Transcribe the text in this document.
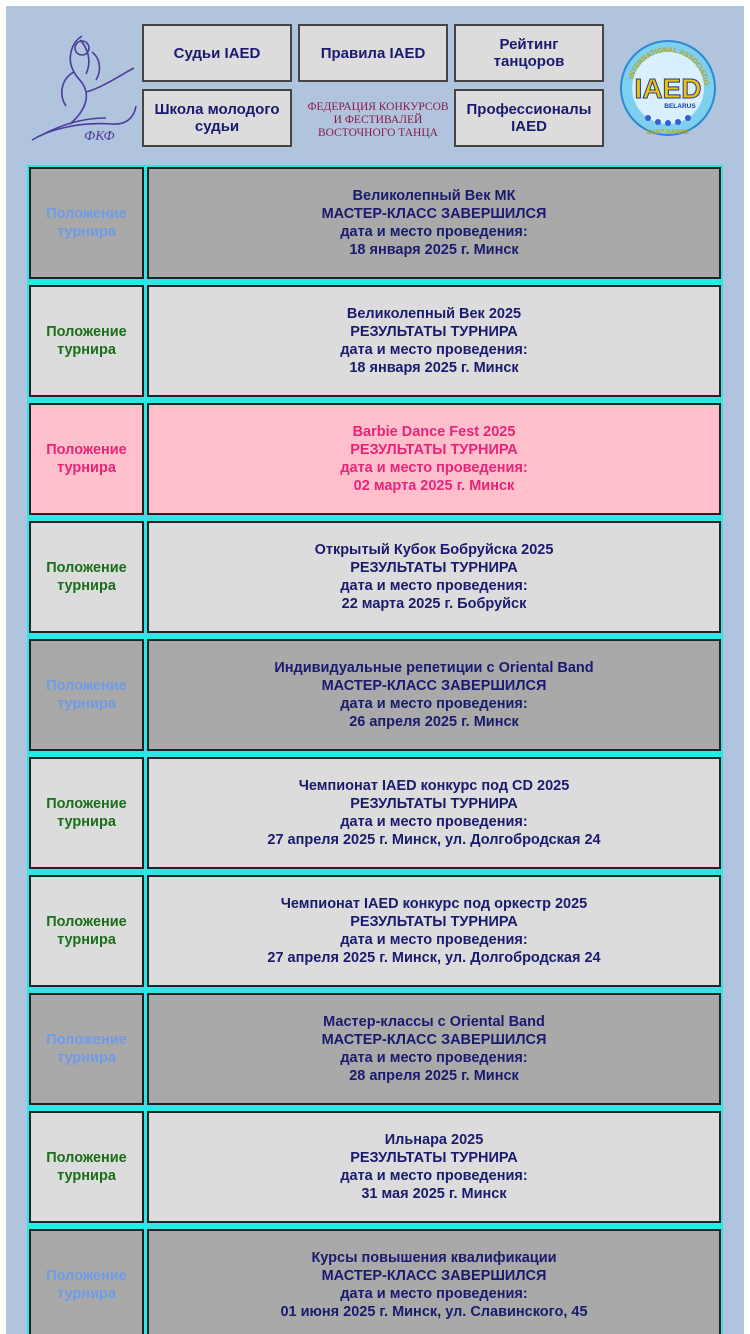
ФКФ
Судьи IAED	Правила IAED	Рейтинг танцоров
Школа молодого судьи
ФЕДЕРАЦИЯ КОНКУРСОВ И ФЕСТИВАЛЕЙ ВОСТОЧНОГО ТАНЦА
Профессионалы IAED
INTERNATIONAL ASSOCIATIO
IAED
BELARUS
EAST DANCE
Положение турнира
Великолепный Век МК
МАСТЕР-КЛАСС ЗАВЕРШИЛСЯ
дата и место проведения:
18 января 2025 г. Минск
Положение турнира
Великолепный Век 2025
РЕЗУЛЬТАТЫ ТУРНИРА
дата и место проведения:
18 января 2025 г. Минск
Положение турнира
Barbie Dance Fest 2025
РЕЗУЛЬТАТЫ ТУРНИРА
дата и место проведения:
02 марта 2025 г. Минск
Положение турнира
Открытый Кубок Бобруйска 2025
РЕЗУЛЬТАТЫ ТУРНИРА
дата и место проведения:
22 марта 2025 г. Бобруйск
Положение турнира
Индивидуальные репетиции с Oriental Band
МАСТЕР-КЛАСС ЗАВЕРШИЛСЯ
дата и место проведения:
26 апреля 2025 г. Минск
Положение турнира
Чемпионат IAED конкурс под CD 2025
РЕЗУЛЬТАТЫ ТУРНИРА
дата и место проведения:
27 апреля 2025 г. Минск, ул. Долгобродская 24
Положение турнира
Чемпионат IAED конкурс под оркестр 2025
РЕЗУЛЬТАТЫ ТУРНИРА
дата и место проведения:
27 апреля 2025 г. Минск, ул. Долгобродская 24
Положение турнира
Мастер-классы с Oriental Band
МАСТЕР-КЛАСС ЗАВЕРШИЛСЯ
дата и место проведения:
28 апреля 2025 г. Минск
Положение турнира
Ильнара 2025
РЕЗУЛЬТАТЫ ТУРНИРА
дата и место проведения:
31 мая 2025 г. Минск
Положение турнира
Курсы повышения квалификации
МАСТЕР-КЛАСС ЗАВЕРШИЛСЯ
дата и место проведения:
01 июня 2025 г. Минск, ул. Славинского, 45
